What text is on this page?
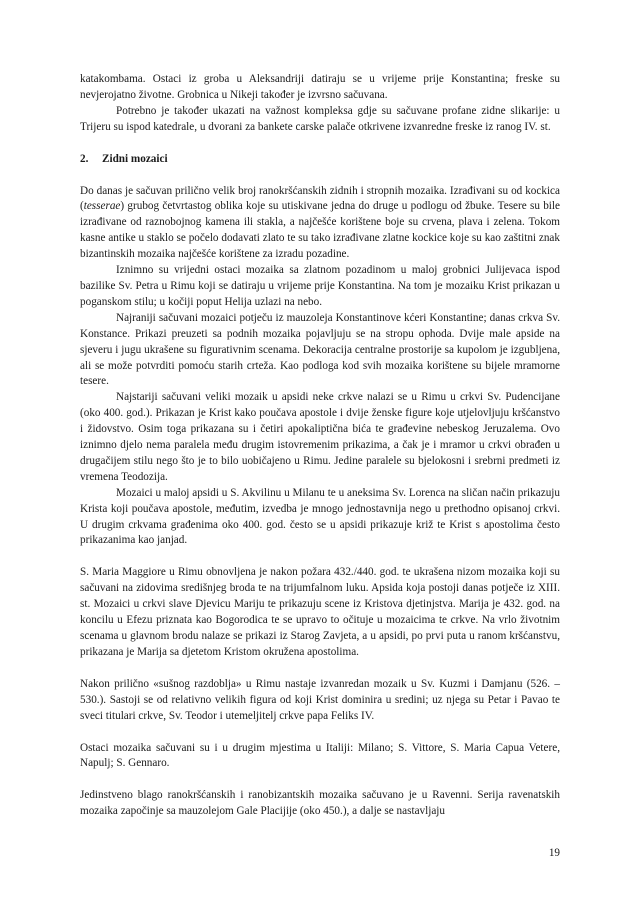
katakombama. Ostaci iz groba u Aleksandriji datiraju se u vrijeme prije Konstantina; freske su nevjerojatno životne. Grobnica u Nikeji također je izvrsno sačuvana.

Potrebno je također ukazati na važnost kompleksa gdje su sačuvane profane zidne slikarije: u Trijeru su ispod katedrale, u dvorani za bankete carske palače otkrivene izvanredne freske iz ranog IV. st.

2. Zidni mozaici

Do danas je sačuvan prilično velik broj ranokršćanskih zidnih i stropnih mozaika. Izrađivani su od kockica (tesserae) grubog četvrtastog oblika koje su utiskivane jedna do druge u podlogu od žbuke. Tesere su bile izrađivane od raznobojnog kamena ili stakla, a najčešće korištene boje su crvena, plava i zelena. Tokom kasne antike u staklo se počelo dodavati zlato te su tako izrađivane zlatne kockice koje su kao zaštitni znak bizantinskih mozaika najčešće korištene za izradu pozadine.

Iznimno su vrijedni ostaci mozaika sa zlatnom pozadinom u maloj grobnici Julijevaca ispod bazilike Sv. Petra u Rimu koji se datiraju u vrijeme prije Konstantina. Na tom je mozaiku Krist prikazan u poganskom stilu; u kočiji poput Helija uzlazi na nebo.

Najraniji sačuvani mozaici potječu iz mauzoleja Konstantinove kćeri Konstantine; danas crkva Sv. Konstance. Prikazi preuzeti sa podnih mozaika pojavljuju se na stropu ophoda. Dvije male apside na sjeveru i jugu ukrašene su figurativnim scenama. Dekoracija centralne prostorije sa kupolom je izgubljena, ali se može potvrditi pomoću starih crteža. Kao podloga kod svih mozaika korištene su bijele mramorne tesere.

Najstariji sačuvani veliki mozaik u apsidi neke crkve nalazi se u Rimu u crkvi Sv. Pudencijane (oko 400. god.). Prikazan je Krist kako poučava apostole i dvije ženske figure koje utjelovljuju kršćanstvo i židovstvo. Osim toga prikazana su i četiri apokaliptična bića te građevine nebeskog Jeruzalema. Ovo iznimno djelo nema paralela među drugim istovremenim prikazima, a čak je i mramor u crkvi obrađen u drugačijem stilu nego što je to bilo uobičajeno u Rimu. Jedine paralele su bjelokosni i srebrni predmeti iz vremena Teodozija.

Mozaici u maloj apsidi u S. Akvilinu u Milanu te u aneksima Sv. Lorenca na sličan način prikazuju Krista koji poučava apostole, međutim, izvedba je mnogo jednostavnija nego u prethodno opisanoj crkvi. U drugim crkvama građenima oko 400. god. često se u apsidi prikazuje križ te Krist s apostolima često prikazanima kao janjad.

S. Maria Maggiore u Rimu obnovljena je nakon požara 432./440. god. te ukrašena nizom mozaika koji su sačuvani na zidovima središnjeg broda te na trijumfalnom luku. Apsida koja postoji danas potječe iz XIII. st. Mozaici u crkvi slave Djevicu Mariju te prikazuju scene iz Kristova djetinjstva. Marija je 432. god. na koncilu u Efezu priznata kao Bogorodica te se upravo to očituje u mozaicima te crkve. Na vrlo životnim scenama u glavnom brodu nalaze se prikazi iz Starog Zavjeta, a u apsidi, po prvi puta u ranom kršćanstvu, prikazana je Marija sa djetetom Kristom okružena apostolima.

Nakon prilično «sušnog razdoblja» u Rimu nastaje izvanredan mozaik u Sv. Kuzmi i Damjanu (526. – 530.). Sastoji se od relativno velikih figura od koji Krist dominira u sredini; uz njega su Petar i Pavao te sveci titulari crkve, Sv. Teodor i utemeljitelj crkve papa Feliks IV.

Ostaci mozaika sačuvani su i u drugim mjestima u Italiji: Milano; S. Vittore, S. Maria Capua Vetere, Napulj; S. Gennaro.

Jedinstveno blago ranokršćanskih i ranobizantskih mozaika sačuvano je u Ravenni. Serija ravenatskih mozaika započinje sa mauzolejom Gale Placijije (oko 450.), a dalje se nastavljaju

19
